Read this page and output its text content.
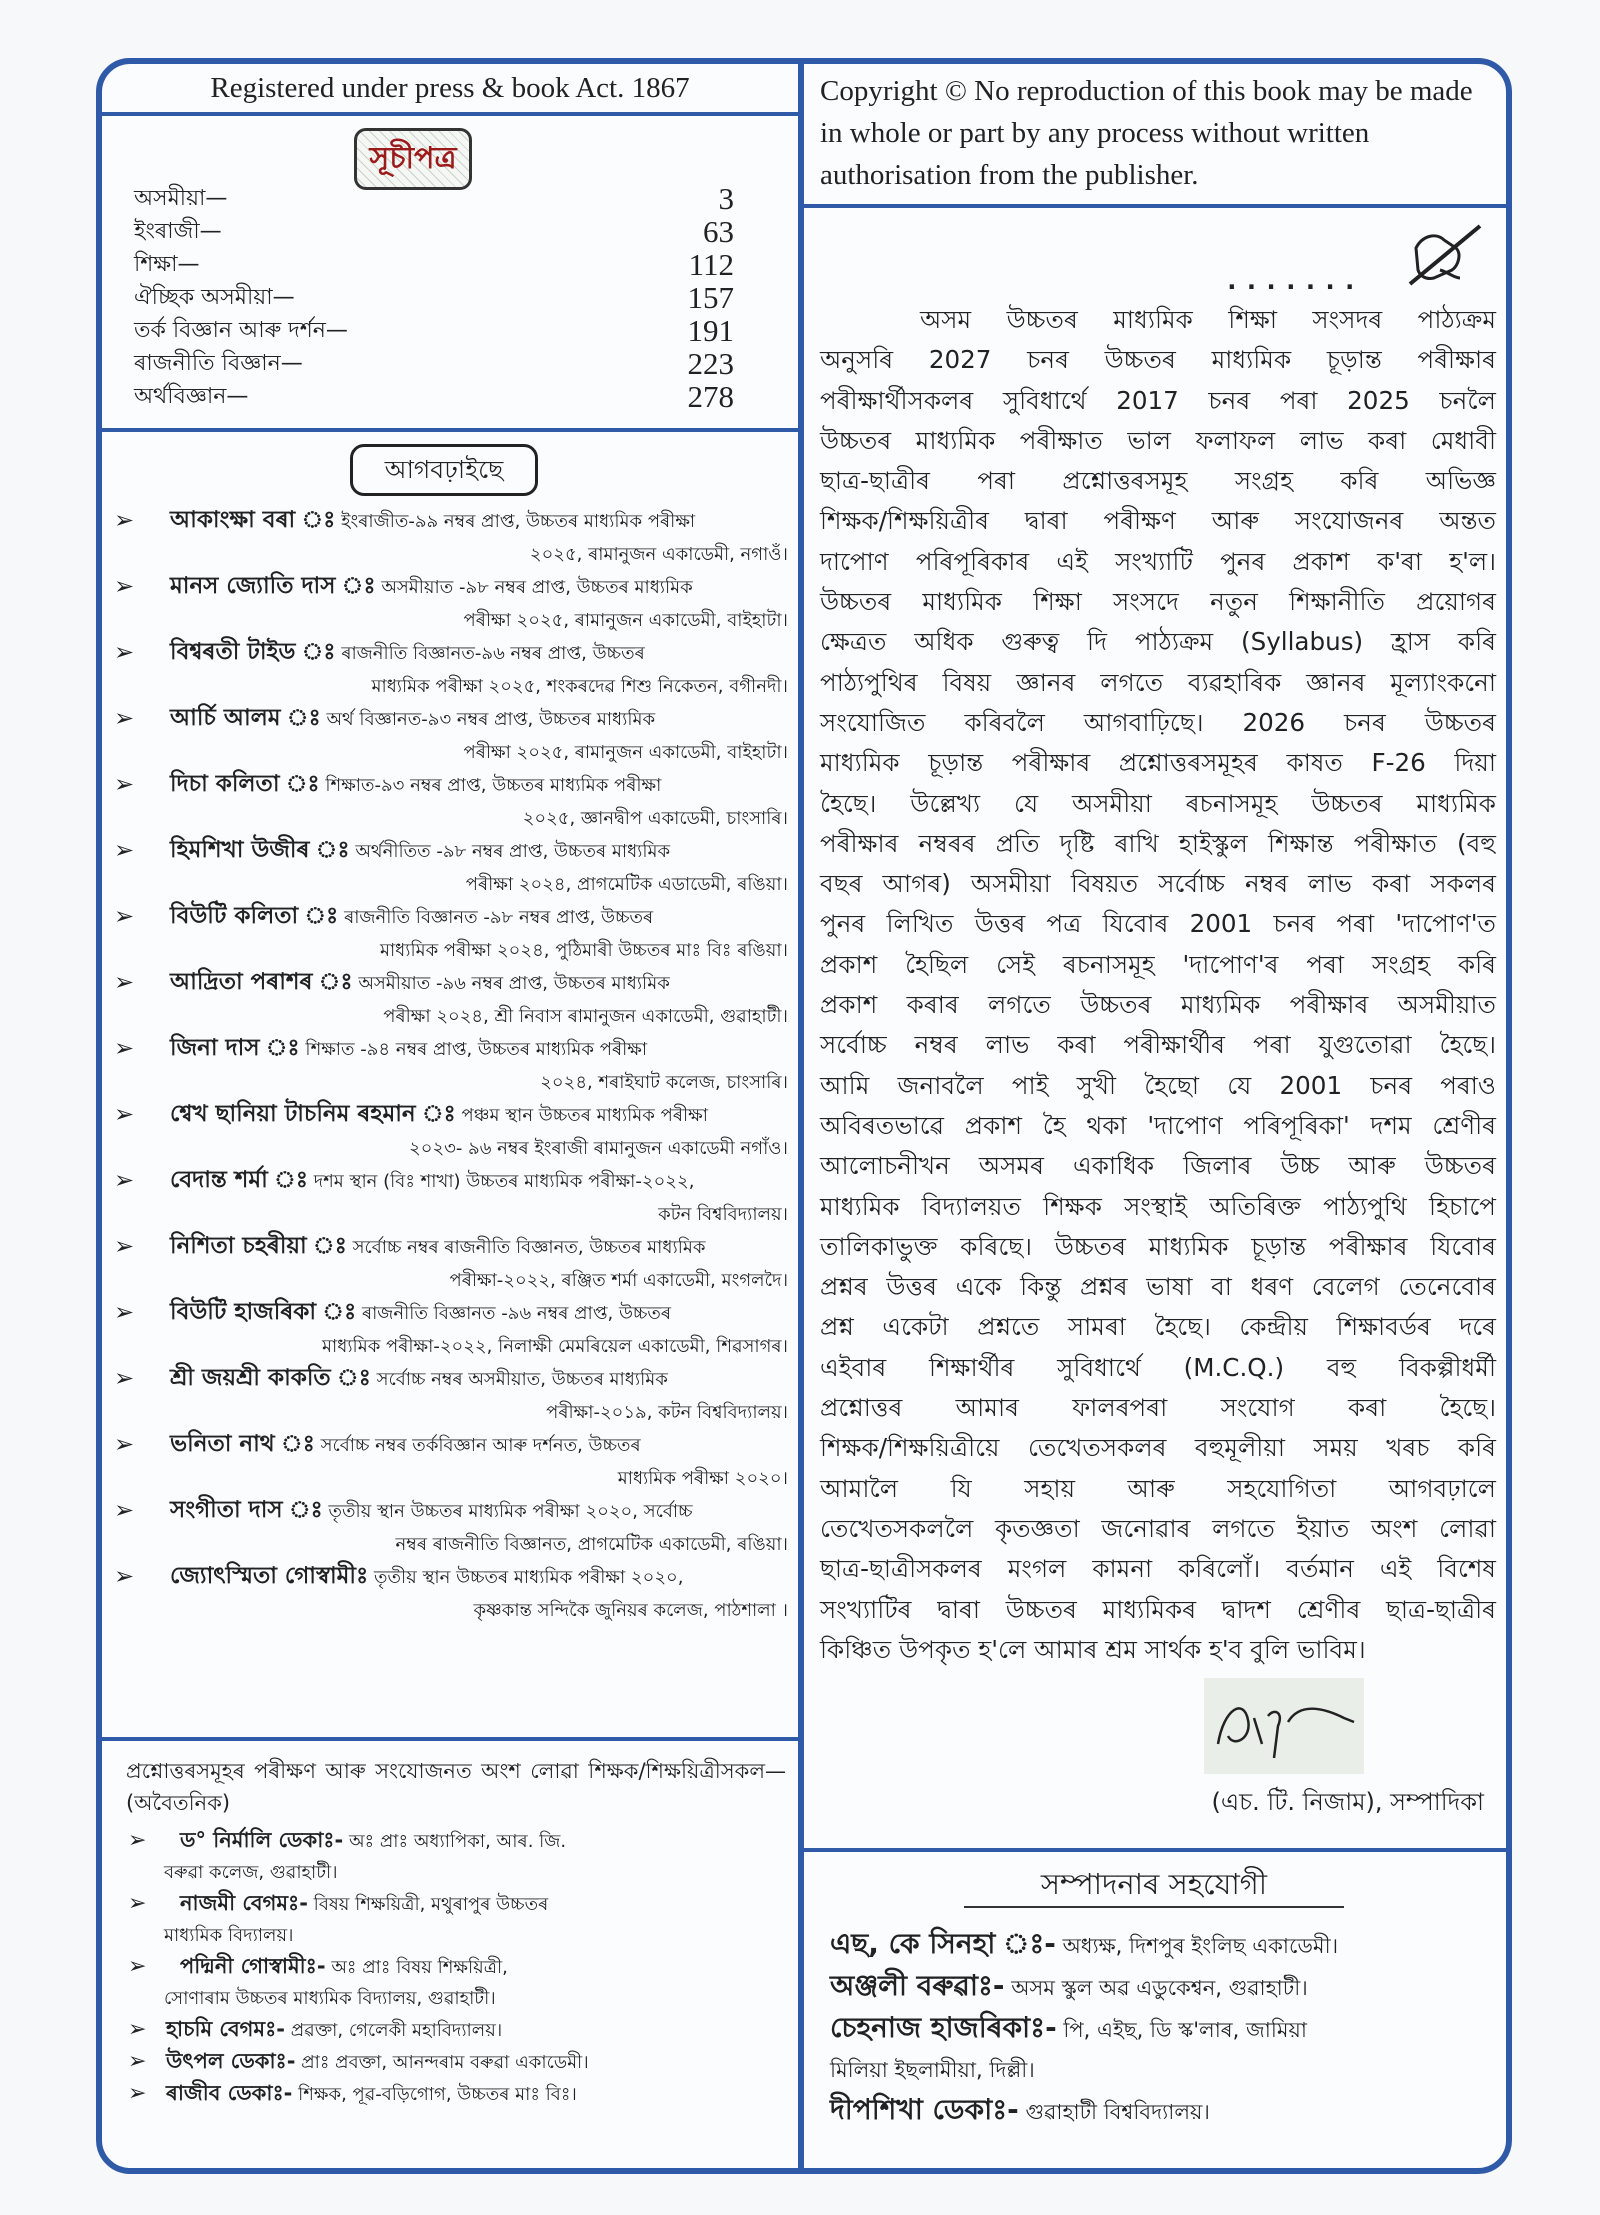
Registered under press & book Act. 1867
সূচীপত্ৰ
অসমীয়া—	3
ইংৰাজী—	63
শিক্ষা—	112
ঐচ্ছিক অসমীয়া—	157
তৰ্ক বিজ্ঞান আৰু দৰ্শন—	191
ৰাজনীতি বিজ্ঞান—	223
অৰ্থবিজ্ঞান—	278
আগবঢ়াইছে
➢	আকাংক্ষা বৰা ঃ ইংৰাজীত-৯৯ নম্বৰ প্ৰাপ্ত, উচ্চতৰ মাধ্যমিক পৰীক্ষা
২০২৫, ৰামানুজন একাডেমী, নগাওঁ।
➢	মানস জ্যোতি দাস ঃ অসমীয়াত -৯৮ নম্বৰ প্ৰাপ্ত, উচ্চতৰ মাধ্যমিক
পৰীক্ষা ২০২৫, ৰামানুজন একাডেমী, বাইহাটা।
➢	বিশ্বৰতী টাইড ঃ ৰাজনীতি বিজ্ঞানত-৯৬ নম্বৰ প্ৰাপ্ত, উচ্চতৰ
মাধ্যমিক পৰীক্ষা ২০২৫, শংকৰদেৱ শিশু নিকেতন, বগীনদী।
➢	আৰ্চি আলম ঃ অৰ্থ বিজ্ঞানত-৯৩ নম্বৰ প্ৰাপ্ত, উচ্চতৰ মাধ্যমিক
পৰীক্ষা ২০২৫, ৰামানুজন একাডেমী, বাইহাটা।
➢	দিচা কলিতা ঃ শিক্ষাত-৯৩ নম্বৰ প্ৰাপ্ত, উচ্চতৰ মাধ্যমিক পৰীক্ষা
২০২৫, জ্ঞানদ্বীপ একাডেমী, চাংসাৰি।
➢	হিমশিখা উজীৰ ঃ অৰ্থনীতিত -৯৮ নম্বৰ প্ৰাপ্ত, উচ্চতৰ মাধ্যমিক
পৰীক্ষা ২০২৪, প্ৰাগমেটিক এডাডেমী, ৰঙিয়া।
➢	বিউটি কলিতা ঃ ৰাজনীতি বিজ্ঞানত -৯৮ নম্বৰ প্ৰাপ্ত, উচ্চতৰ
মাধ্যমিক পৰীক্ষা ২০২৪, পুঠিমাৰী উচ্চতৰ মাঃ বিঃ ৰঙিয়া।
➢	আদ্ৰিতা পৰাশৰ ঃ অসমীয়াত -৯৬ নম্বৰ প্ৰাপ্ত, উচ্চতৰ মাধ্যমিক
পৰীক্ষা ২০২৪, শ্ৰী নিবাস ৰামানুজন একাডেমী, গুৱাহাটী।
➢	জিনা দাস ঃ শিক্ষাত -৯৪ নম্বৰ প্ৰাপ্ত, উচ্চতৰ মাধ্যমিক পৰীক্ষা
২০২৪, শৰাইঘাট কলেজ, চাংসাৰি।
➢	শ্বেখ ছানিয়া টাচনিম ৰহমান ঃ পঞ্চম স্থান উচ্চতৰ মাধ্যমিক পৰীক্ষা
২০২৩- ৯৬ নম্বৰ ইংৰাজী ৰামানুজন একাডেমী নগাঁও।
➢	বেদান্ত শৰ্মা ঃ দশম স্থান (বিঃ শাখা) উচ্চতৰ মাধ্যমিক পৰীক্ষা-২০২২,
কটন বিশ্ববিদ্যালয়।
➢	নিশিতা চহৰীয়া ঃ সৰ্বোচ্চ নম্বৰ ৰাজনীতি বিজ্ঞানত, উচ্চতৰ মাধ্যমিক
পৰীক্ষা-২০২২, ৰঞ্জিত শৰ্মা একাডেমী, মংগলদৈ।
➢	বিউটি হাজৰিকা ঃ ৰাজনীতি বিজ্ঞানত -৯৬ নম্বৰ প্ৰাপ্ত, উচ্চতৰ
মাধ্যমিক পৰীক্ষা-২০২২, নিলাক্ষী মেমৰিয়েল একাডেমী, শিৱসাগৰ।
➢	শ্ৰী জয়শ্ৰী কাকতি ঃ সৰ্বোচ্চ নম্বৰ অসমীয়াত, উচ্চতৰ মাধ্যমিক
পৰীক্ষা-২০১৯, কটন বিশ্ববিদ্যালয়।
➢	ভনিতা নাথ ঃ সৰ্বোচ্চ নম্বৰ তৰ্কবিজ্ঞান আৰু দৰ্শনত, উচ্চতৰ
মাধ্যমিক পৰীক্ষা ২০২০।
➢	সংগীতা দাস ঃ তৃতীয় স্থান উচ্চতৰ মাধ্যমিক পৰীক্ষা ২০২০, সৰ্বোচ্চ
নম্বৰ ৰাজনীতি বিজ্ঞানত, প্ৰাগমেটিক একাডেমী, ৰঙিয়া।
➢	জ্যোৎস্মিতা গোস্বামীঃ তৃতীয় স্থান উচ্চতৰ মাধ্যমিক পৰীক্ষা ২০২০,
কৃষ্ণকান্ত সন্দিকৈ জুনিয়ৰ কলেজ, পাঠশালা ।
প্ৰশ্নোত্তৰসমূহৰ পৰীক্ষণ আৰু সংযোজনত অংশ লোৱা শিক্ষক/শিক্ষয়িত্ৰীসকল— (অবৈতনিক)
➢	ড° নিৰ্মালি ডেকাঃ- অঃ প্ৰাঃ অধ্যাপিকা, আৰ. জি.
বৰুৱা কলেজ, গুৱাহাটী।
➢	নাজমী বেগমঃ- বিষয় শিক্ষয়িত্ৰী, মথুৰাপুৰ উচ্চতৰ
মাধ্যমিক বিদ্যালয়।
➢	পদ্মিনী গোস্বামীঃ- অঃ প্ৰাঃ বিষয় শিক্ষয়িত্ৰী,
সোণাৰাম উচ্চতৰ মাধ্যমিক বিদ্যালয়, গুৱাহাটী।
➢ হাচমি বেগমঃ- প্ৰৱক্তা, গেলেকী মহাবিদ্যালয়।
➢ উৎপল ডেকাঃ- প্ৰাঃ প্ৰবক্তা, আনন্দৰাম বৰুৱা একাডেমী।
➢ ৰাজীব ডেকাঃ- শিক্ষক, পূৱ-বড়িগোগ, উচ্চতৰ মাঃ বিঃ।
Copyright © No reproduction of this book may be made in whole or part by any process without written authorisation from the publisher.
.......
অসম উচ্চতৰ মাধ্যমিক শিক্ষা সংসদৰ পাঠ্যক্ৰম
অনুসৰি 2027 চনৰ উচ্চতৰ মাধ্যমিক চূড়ান্ত পৰীক্ষাৰ
পৰীক্ষাৰ্থীসকলৰ সুবিধাৰ্থে 2017 চনৰ পৰা 2025 চনলৈ
উচ্চতৰ মাধ্যমিক পৰীক্ষাত ভাল ফলাফল লাভ কৰা মেধাবী
ছাত্ৰ-ছাত্ৰীৰ পৰা প্ৰশ্নোত্তৰসমূহ সংগ্ৰহ কৰি অভিজ্ঞ
শিক্ষক/শিক্ষয়িত্ৰীৰ দ্বাৰা পৰীক্ষণ আৰু সংযোজনৰ অন্তত
দাপোণ পৰিপূৰিকাৰ এই সংখ্যাটি পুনৰ প্ৰকাশ ক'ৰা হ'ল।
উচ্চতৰ মাধ্যমিক শিক্ষা সংসদে নতুন শিক্ষানীতি প্ৰয়োগৰ
ক্ষেত্ৰত অধিক গুৰুত্ব দি পাঠ্যক্ৰম (Syllabus) হ্ৰাস কৰি
পাঠ্যপুথিৰ বিষয় জ্ঞানৰ লগতে ব্যৱহাৰিক জ্ঞানৰ মূল্যাংকনো
সংযোজিত কৰিবলৈ আগবাঢ়িছে। 2026 চনৰ উচ্চতৰ
মাধ্যমিক চূড়ান্ত পৰীক্ষাৰ প্ৰশ্নোত্তৰসমূহৰ কাষত F-26 দিয়া
হৈছে। উল্লেখ্য যে অসমীয়া ৰচনাসমূহ উচ্চতৰ মাধ্যমিক
পৰীক্ষাৰ নম্বৰৰ প্ৰতি দৃষ্টি ৰাখি হাইস্কুল শিক্ষান্ত পৰীক্ষাত (বহু
বছৰ আগৰ) অসমীয়া বিষয়ত সৰ্বোচ্চ নম্বৰ লাভ কৰা সকলৰ
পুনৰ লিখিত উত্তৰ পত্ৰ যিবোৰ 2001 চনৰ পৰা 'দাপোণ'ত
প্ৰকাশ হৈছিল সেই ৰচনাসমূহ 'দাপোণ'ৰ পৰা সংগ্ৰহ কৰি
প্ৰকাশ কৰাৰ লগতে উচ্চতৰ মাধ্যমিক পৰীক্ষাৰ অসমীয়াত
সৰ্বোচ্চ নম্বৰ লাভ কৰা পৰীক্ষাৰ্থীৰ পৰা যুগুতোৱা হৈছে।
আমি জনাবলৈ পাই সুখী হৈছো যে 2001 চনৰ পৰাও
অবিৰতভাৱে প্ৰকাশ হৈ থকা 'দাপোণ পৰিপূৰিকা' দশম শ্ৰেণীৰ
আলোচনীখন অসমৰ একাধিক জিলাৰ উচ্চ আৰু উচ্চতৰ
মাধ্যমিক বিদ্যালয়ত শিক্ষক সংস্থাই অতিৰিক্ত পাঠ্যপুথি হিচাপে
তালিকাভুক্ত কৰিছে। উচ্চতৰ মাধ্যমিক চূড়ান্ত পৰীক্ষাৰ যিবোৰ
প্ৰশ্নৰ উত্তৰ একে কিন্তু প্ৰশ্নৰ ভাষা বা ধৰণ বেলেগ তেনেবোৰ
প্ৰশ্ন একেটা প্ৰশ্নতে সামৰা হৈছে। কেন্দ্ৰীয় শিক্ষাবৰ্ডৰ দৰে
এইবাৰ শিক্ষাৰ্থীৰ সুবিধাৰ্থে (M.C.Q.) বহু বিকল্পীধৰ্মী
প্ৰশ্নোত্তৰ আমাৰ ফালৰপৰা সংযোগ কৰা হৈছে।
শিক্ষক/শিক্ষয়িত্ৰীয়ে তেখেতসকলৰ বহুমূলীয়া সময় খৰচ কৰি
আমালৈ যি সহায় আৰু সহযোগিতা আগবঢ়ালে
তেখেতসকললৈ কৃতজ্ঞতা জনোৱাৰ লগতে ইয়াত অংশ লোৱা
ছাত্ৰ-ছাত্ৰীসকলৰ মংগল কামনা কৰিলোঁ। বৰ্তমান এই বিশেষ
সংখ্যাটিৰ দ্বাৰা উচ্চতৰ মাধ্যমিকৰ দ্বাদশ শ্ৰেণীৰ ছাত্ৰ-ছাত্ৰীৰ
কিঞ্চিত উপকৃত হ'লে আমাৰ শ্ৰম সাৰ্থক হ'ব বুলি ভাবিম।
(এচ. টি. নিজাম), সম্পাদিকা
সম্পাদনাৰ সহযোগী
এছ, কে সিনহা ঃ- অধ্যক্ষ, দিশপুৰ ইংলিছ একাডেমী।
অঞ্জলী বৰুৱাঃ- অসম স্কুল অৱ এডুকেশ্বন, গুৱাহাটী।
চেহনাজ হাজৰিকাঃ- পি, এইছ, ডি স্ক'লাৰ, জামিয়া
মিলিয়া ইছলামীয়া, দিল্লী।
দীপশিখা ডেকাঃ- গুৱাহাটী বিশ্ববিদ্যালয়।
